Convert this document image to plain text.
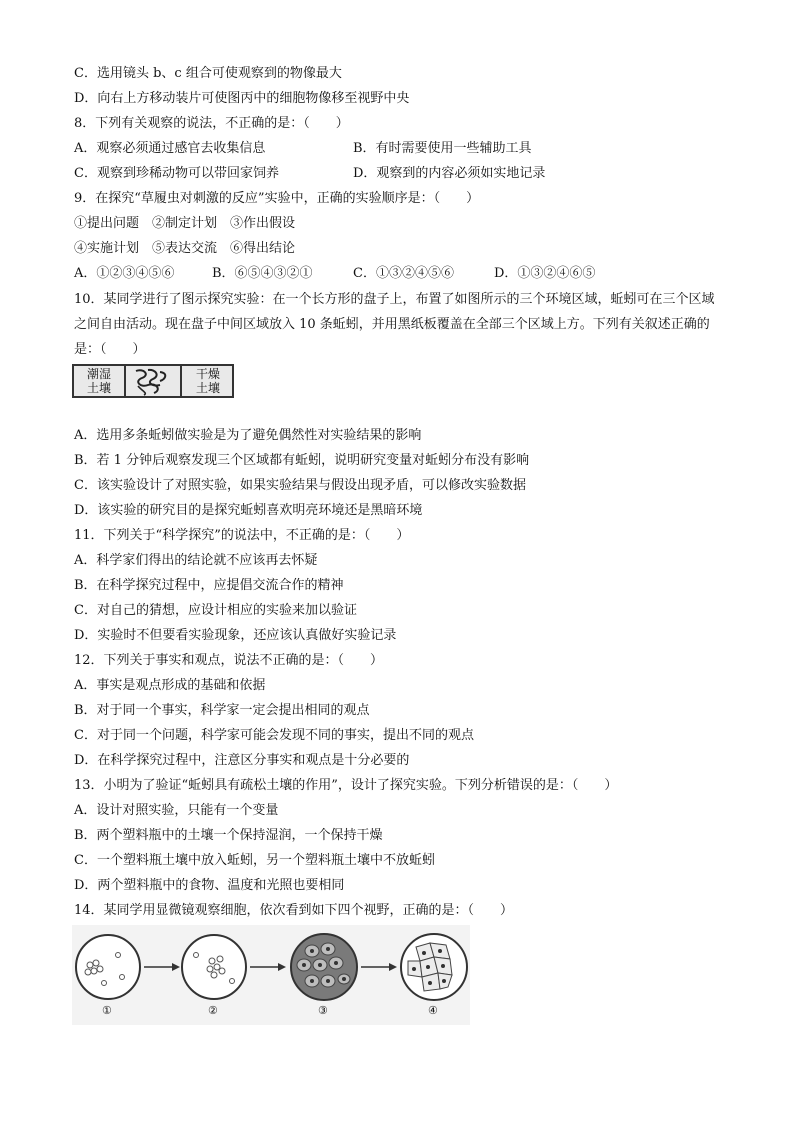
C．选用镜头 b、c 组合可使观察到的物像最大
D．向右上方移动装片可使图丙中的细胞物像移至视野中央
8．下列有关观察的说法，不正确的是：（　　）
A．观察必须通过感官去收集信息	B．有时需要使用一些辅助工具
C．观察到珍稀动物可以带回家饲养	D．观察到的内容必须如实地记录
9．在探究“草履虫对刺激的反应”实验中，正确的实验顺序是：（　　）
①提出问题　②制定计划　③作出假设
④实施计划　⑤表达交流　⑥得出结论
A．①②③④⑤⑥	B．⑥⑤④③②①	C．①③②④⑤⑥	D．①③②④⑥⑤
10．某同学进行了图示探究实验：在一个长方形的盘子上，布置了如图所示的三个环境区域，蚯蚓可在三个区域之间自由活动。现在盘子中间区域放入 10 条蚯蚓，并用黑纸板覆盖在全部三个区域上方。下列有关叙述正确的是：（　　）
潮湿
土壤
干燥
土壤
A．选用多条蚯蚓做实验是为了避免偶然性对实验结果的影响
B．若 1 分钟后观察发现三个区域都有蚯蚓，说明研究变量对蚯蚓分布没有影响
C．该实验设计了对照实验，如果实验结果与假设出现矛盾，可以修改实验数据
D．该实验的研究目的是探究蚯蚓喜欢明亮环境还是黑暗环境
11．下列关于“科学探究”的说法中，不正确的是：（　　）
A．科学家们得出的结论就不应该再去怀疑
B．在科学探究过程中，应提倡交流合作的精神
C．对自己的猜想，应设计相应的实验来加以验证
D．实验时不但要看实验现象，还应该认真做好实验记录
12．下列关于事实和观点，说法不正确的是：（　　）
A．事实是观点形成的基础和依据
B．对于同一个事实，科学家一定会提出相同的观点
C．对于同一个问题，科学家可能会发现不同的事实，提出不同的观点
D．在科学探究过程中，注意区分事实和观点是十分必要的
13．小明为了验证“蚯蚓具有疏松土壤的作用”，设计了探究实验。下列分析错误的是：（　　）
A．设计对照实验，只能有一个变量
B．两个塑料瓶中的土壤一个保持湿润，一个保持干燥
C．一个塑料瓶土壤中放入蚯蚓，另一个塑料瓶土壤中不放蚯蚓
D．两个塑料瓶中的食物、温度和光照也要相同
14．某同学用显微镜观察细胞，依次看到如下四个视野，正确的是：（　　）
①	②	③	④
